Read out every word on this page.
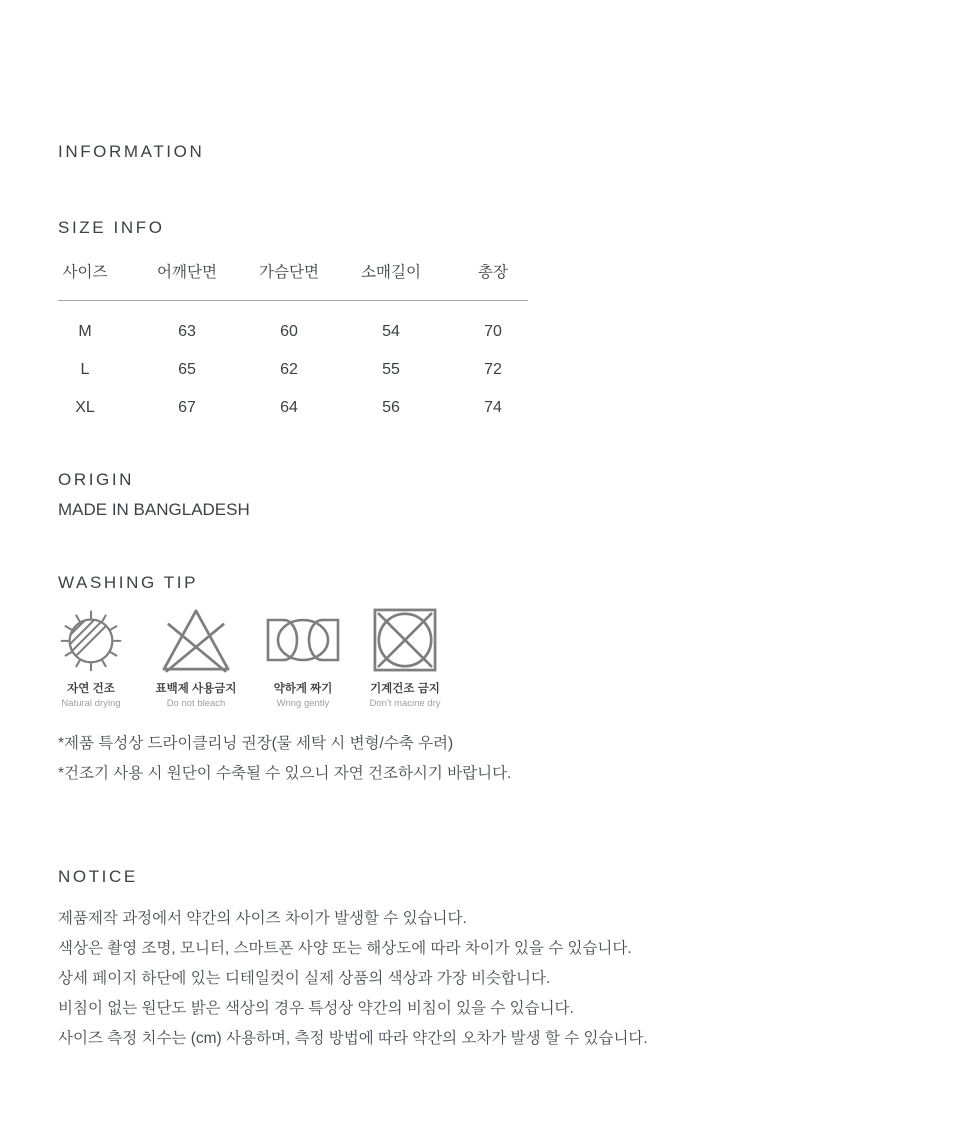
INFORMATION
SIZE INFO
사이즈	어깨단면	가슴단면	소매길이	총장
M	63	60	54	70
L	65	62	55	72
XL	67	64	56	74
ORIGIN

MADE IN BANGLADESH

WASHING TIP
자연 건조
Natural drying
표백제 사용금지
Do not bleach
약하게 짜기
Wring gently
기계건조 금지
Don't macine dry

*제품 특성상 드라이클리닝 권장(물 세탁 시 변형/수축 우려)

*건조기 사용 시 원단이 수축될 수 있으니 자연 건조하시기 바랍니다.

NOTICE

제품제작 과정에서 약간의 사이즈 차이가 발생할 수 있습니다.

색상은 촬영 조명, 모니터, 스마트폰 사양 또는 해상도에 따라 차이가 있을 수 있습니다.

상세 페이지 하단에 있는 디테일컷이 실제 상품의 색상과 가장 비슷합니다.

비침이 없는 원단도 밝은 색상의 경우 특성상 약간의 비침이 있을 수 있습니다.

사이즈 측정 치수는 (cm) 사용하며, 측정 방법에 따라 약간의 오차가 발생 할 수 있습니다.
